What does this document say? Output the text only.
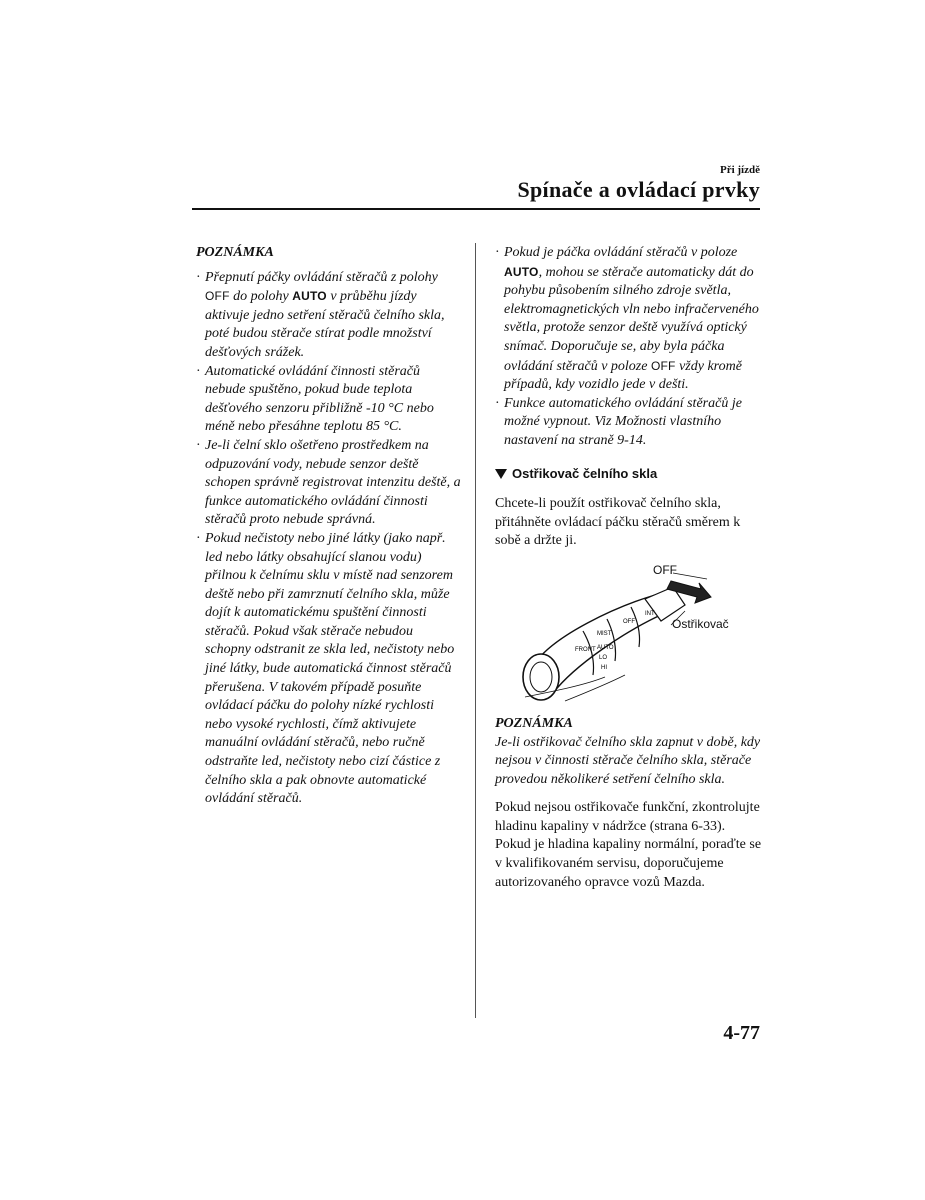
Při jízdě
Spínače a ovládací prvky

POZNÁMKA

· Přepnutí páčky ovládání stěračů z polohy OFF do polohy AUTO v průběhu jízdy aktivuje jedno setření stěračů čelního skla, poté budou stěrače stírat podle množství dešťových srážek.
· Automatické ovládání činnosti stěračů nebude spuštěno, pokud bude teplota dešťového senzoru přibližně -10 °C nebo méně nebo přesáhne teplotu 85 °C.
· Je-li čelní sklo ošetřeno prostředkem na odpuzování vody, nebude senzor deště schopen správně registrovat intenzitu deště, a funkce automatického ovládání činnosti stěračů proto nebude správná.
· Pokud nečistoty nebo jiné látky (jako např. led nebo látky obsahující slanou vodu) přilnou k čelnímu sklu v místě nad senzorem deště nebo při zamrznutí čelního skla, může dojít k automatickému spuštění činnosti stěračů. Pokud však stěrače nebudou schopny odstranit ze skla led, nečistoty nebo jiné látky, bude automatická činnost stěračů přerušena. V takovém případě posuňte ovládací páčku do polohy nízké rychlosti nebo vysoké rychlosti, čímž aktivujete manuální ovládání stěračů, nebo ručně odstraňte led, nečistoty nebo cizí částice z čelního skla a pak obnovte automatické ovládání stěračů.
· Pokud je páčka ovládání stěračů v poloze AUTO, mohou se stěrače automaticky dát do pohybu působením silného zdroje světla, elektromagnetických vln nebo infračerveného světla, protože senzor deště využívá optický snímač. Doporučuje se, aby byla páčka ovládání stěračů v poloze OFF vždy kromě případů, kdy vozidlo jede v dešti.
· Funkce automatického ovládání stěračů je možné vypnout. Viz Možnosti vlastního nastavení na straně 9-14.
Ostřikovač čelního skla

Chcete-li použít ostřikovač čelního skla, přitáhněte ovládací páčku stěračů směrem k sobě a držte ji.

FRONT
MIST
OFF
INT
AUTO
LO
HI
OFF
Ostřikovač

POZNÁMKA

Je-li ostřikovač čelního skla zapnut v době, kdy nejsou v činnosti stěrače čelního skla, stěrače provedou několikeré setření čelního skla.

Pokud nejsou ostřikovače funkční, zkontrolujte hladinu kapaliny v nádržce (strana 6-33). Pokud je hladina kapaliny normální, poraďte se v kvalifikovaném servisu, doporučujeme autorizovaného opravce vozů Mazda.

4-77
